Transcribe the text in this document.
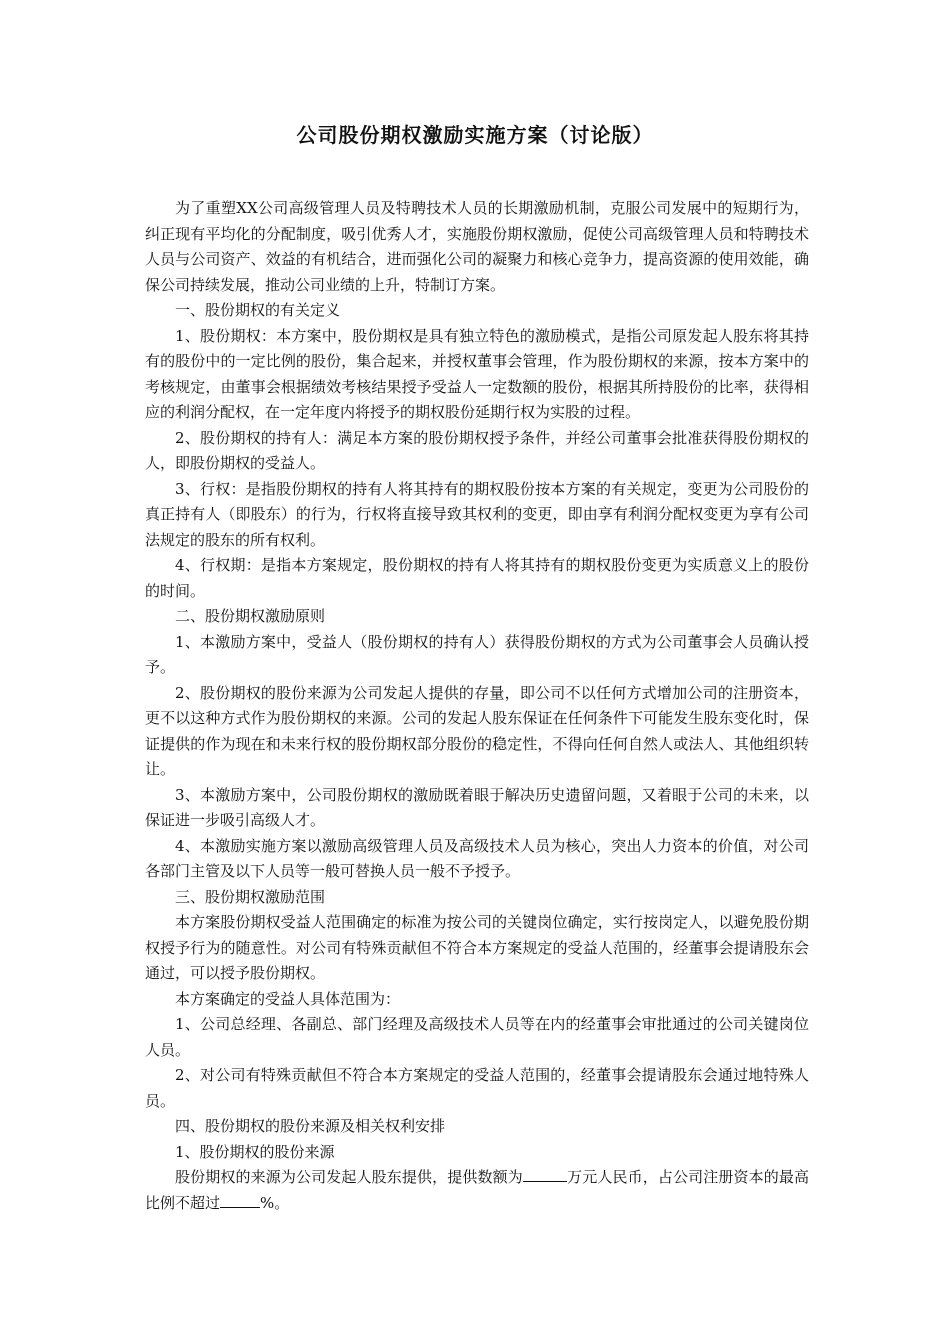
公司股份期权激励实施方案（讨论版）

为了重塑XX公司高级管理人员及特聘技术人员的长期激励机制，克服公司发展中的短期行为，纠正现有平均化的分配制度，吸引优秀人才，实施股份期权激励，促使公司高级管理人员和特聘技术人员与公司资产、效益的有机结合，进而强化公司的凝聚力和核心竞争力，提高资源的使用效能，确保公司持续发展，推动公司业绩的上升，特制订方案。

一、股份期权的有关定义

1、股份期权：本方案中，股份期权是具有独立特色的激励模式，是指公司原发起人股东将其持有的股份中的一定比例的股份，集合起来，并授权董事会管理，作为股份期权的来源，按本方案中的考核规定，由董事会根据绩效考核结果授予受益人一定数额的股份，根据其所持股份的比率，获得相应的利润分配权，在一定年度内将授予的期权股份延期行权为实股的过程。

2、股份期权的持有人：满足本方案的股份期权授予条件，并经公司董事会批准获得股份期权的人，即股份期权的受益人。

3、行权：是指股份期权的持有人将其持有的期权股份按本方案的有关规定，变更为公司股份的真正持有人（即股东）的行为，行权将直接导致其权利的变更，即由享有利润分配权变更为享有公司法规定的股东的所有权利。

4、行权期：是指本方案规定，股份期权的持有人将其持有的期权股份变更为实质意义上的股份的时间。

二、股份期权激励原则

1、本激励方案中，受益人（股份期权的持有人）获得股份期权的方式为公司董事会人员确认授予。

2、股份期权的股份来源为公司发起人提供的存量，即公司不以任何方式增加公司的注册资本，更不以这种方式作为股份期权的来源。公司的发起人股东保证在任何条件下可能发生股东变化时，保证提供的作为现在和未来行权的股份期权部分股份的稳定性，不得向任何自然人或法人、其他组织转让。

3、本激励方案中，公司股份期权的激励既着眼于解决历史遗留问题，又着眼于公司的未来，以保证进一步吸引高级人才。

4、本激励实施方案以激励高级管理人员及高级技术人员为核心，突出人力资本的价值，对公司各部门主管及以下人员等一般可替换人员一般不予授予。

三、股份期权激励范围

本方案股份期权受益人范围确定的标准为按公司的关键岗位确定，实行按岗定人，以避免股份期权授予行为的随意性。对公司有特殊贡献但不符合本方案规定的受益人范围的，经董事会提请股东会通过，可以授予股份期权。

本方案确定的受益人具体范围为：

1、公司总经理、各副总、部门经理及高级技术人员等在内的经董事会审批通过的公司关键岗位人员。

2、对公司有特殊贡献但不符合本方案规定的受益人范围的，经董事会提请股东会通过地特殊人员。

四、股份期权的股份来源及相关权利安排

1、股份期权的股份来源

股份期权的来源为公司发起人股东提供，提供数额为	万元人民币，占公司注册资本的最高比例不超过	%。
